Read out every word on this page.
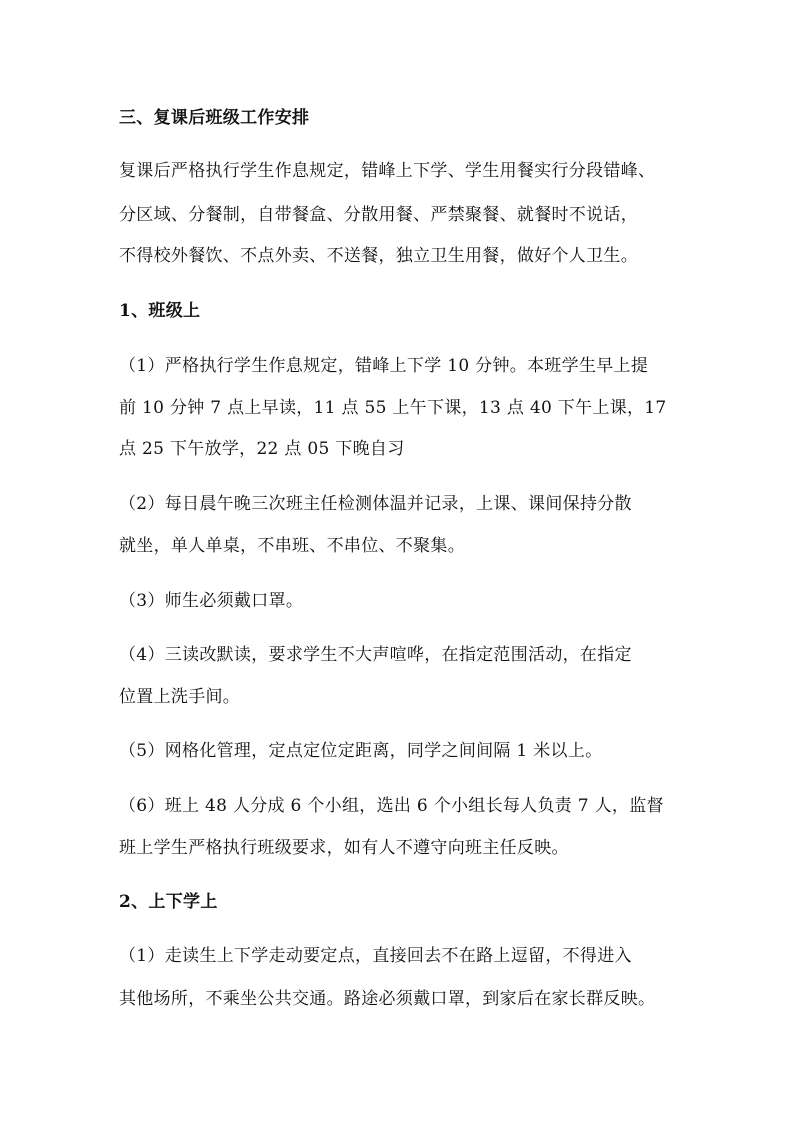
三、复课后班级工作安排
复课后严格执行学生作息规定，错峰上下学、学生用餐实行分段错峰、
分区域、分餐制，自带餐盒、分散用餐、严禁聚餐、就餐时不说话，
不得校外餐饮、不点外卖、不送餐，独立卫生用餐，做好个人卫生。
1、班级上
（1）严格执行学生作息规定，错峰上下学 10 分钟。本班学生早上提
前 10 分钟 7 点上早读，11 点 55 上午下课，13 点 40 下午上课，17
点 25 下午放学，22 点 05 下晚自习
（2）每日晨午晚三次班主任检测体温并记录，上课、课间保持分散
就坐，单人单桌，不串班、不串位、不聚集。
（3）师生必须戴口罩。
（4）三读改默读，要求学生不大声喧哗，在指定范围活动，在指定
位置上洗手间。
（5）网格化管理，定点定位定距离，同学之间间隔 1 米以上。
（6）班上 48 人分成 6 个小组，选出 6 个小组长每人负责 7 人，监督
班上学生严格执行班级要求，如有人不遵守向班主任反映。
2、上下学上
（1）走读生上下学走动要定点，直接回去不在路上逗留，不得进入
其他场所，不乘坐公共交通。路途必须戴口罩，到家后在家长群反映。
